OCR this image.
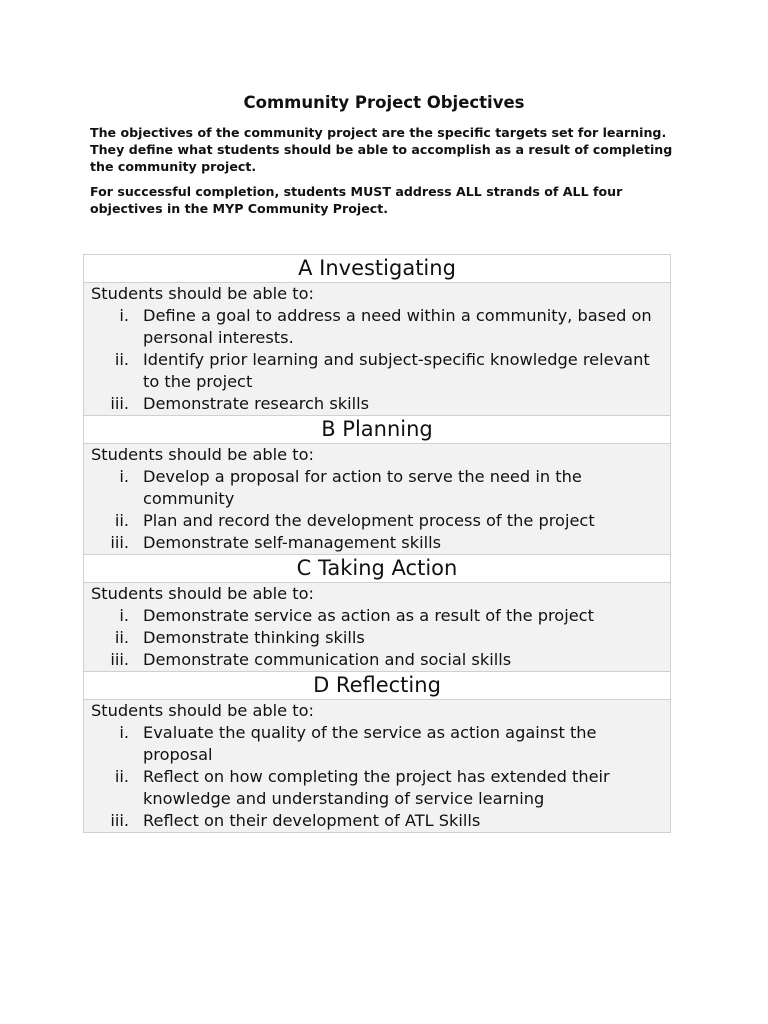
Community Project Objectives

The objectives of the community project are the specific targets set for learning. They define what students should be able to accomplish as a result of completing the community project.

For successful completion, students MUST address ALL strands of ALL four objectives in the MYP Community Project.

A Investigating

Students should be able to:
i. Define a goal to address a need within a community, based on personal interests.
ii. Identify prior learning and subject-specific knowledge relevant to the project
iii. Demonstrate research skills

B Planning

Students should be able to:
i. Develop a proposal for action to serve the need in the community
ii. Plan and record the development process of the project
iii. Demonstrate self-management skills

C Taking Action

Students should be able to:
i. Demonstrate service as action as a result of the project
ii. Demonstrate thinking skills
iii. Demonstrate communication and social skills

D Reflecting

Students should be able to:
i. Evaluate the quality of the service as action against the proposal
ii. Reflect on how completing the project has extended their knowledge and understanding of service learning
iii. Reflect on their development of ATL Skills
